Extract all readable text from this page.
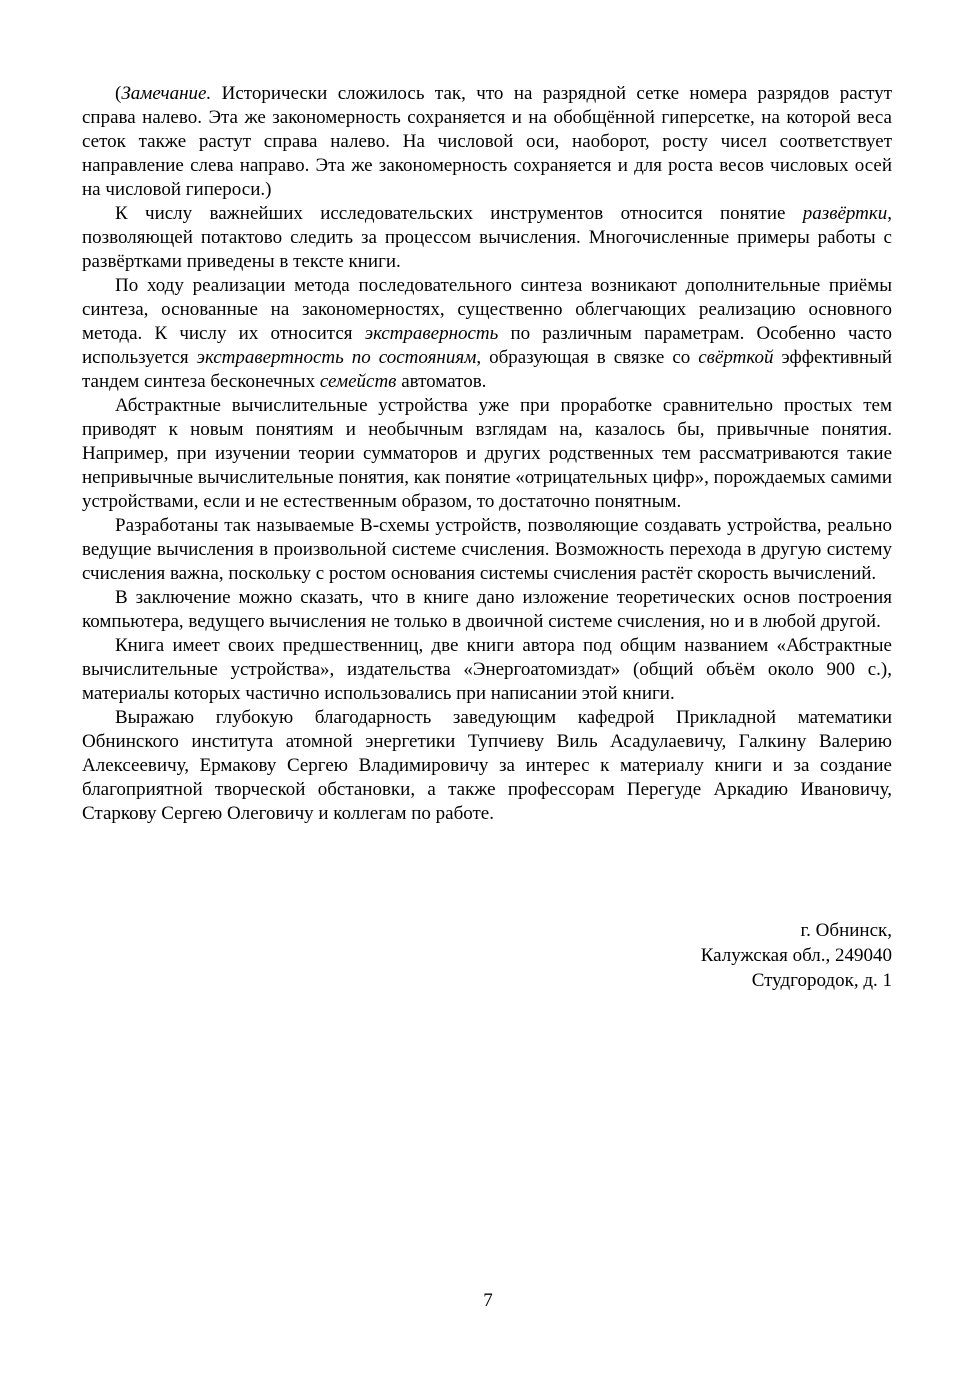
(Замечание. Исторически сложилось так, что на разрядной сетке номера разрядов растут справа налево. Эта же закономерность сохраняется и на обобщённой гиперсетке, на которой веса сеток также растут справа налево. На числовой оси, наоборот, росту чисел соответствует направление слева направо. Эта же закономерность сохраняется и для роста весов числовых осей на числовой гипероси.)

К числу важнейших исследовательских инструментов относится понятие развёртки, позволяющей потактово следить за процессом вычисления. Многочисленные примеры работы с развёртками приведены в тексте книги.

По ходу реализации метода последовательного синтеза возникают дополнительные приёмы синтеза, основанные на закономерностях, существенно облегчающих реализацию основного метода. К числу их относится экстраверность по различным параметрам. Особенно часто используется экстравертность по состояниям, образующая в связке со свёрткой эффективный тандем синтеза бесконечных семейств автоматов.

Абстрактные вычислительные устройства уже при проработке сравнительно простых тем приводят к новым понятиям и необычным взглядам на, казалось бы, привычные понятия. Например, при изучении теории сумматоров и других родственных тем рассматриваются такие непривычные вычислительные понятия, как понятие «отрицательных цифр», порождаемых самими устройствами, если и не естественным образом, то достаточно понятным.

Разработаны так называемые B-схемы устройств, позволяющие создавать устройства, реально ведущие вычисления в произвольной системе счисления. Возможность перехода в другую систему счисления важна, поскольку с ростом основания системы счисления растёт скорость вычислений.

В заключение можно сказать, что в книге дано изложение теоретических основ построения компьютера, ведущего вычисления не только в двоичной системе счисления, но и в любой другой.

Книга имеет своих предшественниц, две книги автора под общим названием «Абстрактные вычислительные устройства», издательства «Энергоатомиздат» (общий объём около 900 с.), материалы которых частично использовались при написании этой книги.

Выражаю глубокую благодарность заведующим кафедрой Прикладной математики Обнинского института атомной энергетики Тупчиеву Виль Асадулаевичу, Галкину Валерию Алексеевичу, Ермакову Сергею Владимировичу за интерес к материалу книги и за создание благоприятной творческой обстановки, а также профессорам Перегуде Аркадию Ивановичу, Старкову Сергею Олеговичу и коллегам по работе.

г. Обнинск,
Калужская обл., 249040
Студгородок, д. 1
7
